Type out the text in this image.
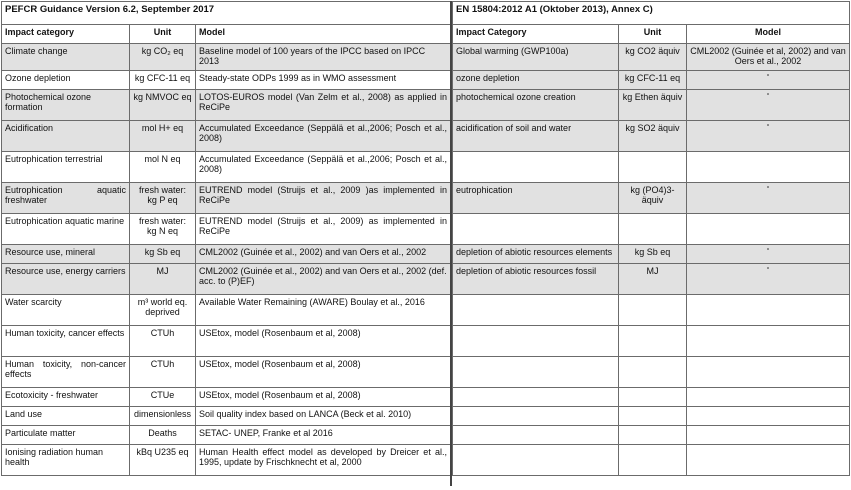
PEFCR Guidance Version 6.2, September 2017		
Impact category	Unit	Model
Climate change	kg CO₂ eq	Baseline model of 100 years of the IPCC based on IPCC 2013
Ozone depletion	kg CFC-11 eq	Steady-state ODPs 1999 as in WMO assessment
Photochemical ozone formation	kg NMVOC eq	LOTOS-EUROS model (Van Zelm et al., 2008) as applied in ReCiPe
Acidification	mol H+ eq	Accumulated Exceedance (Seppälä et al.,2006; Posch et al., 2008)
Eutrophication terrestrial	mol N eq	Accumulated Exceedance (Seppälä et al.,2006; Posch et al., 2008)
Eutrophication aquatic freshwater	fresh water: kg P eq	EUTREND model (Struijs et al., 2009 )as implemented in ReCiPe
Eutrophication aquatic marine	fresh water: kg N eq	EUTREND model (Struijs et al., 2009) as implemented in ReCiPe
Resource use, mineral	kg Sb eq	CML2002 (Guinée et al., 2002) and van Oers et al., 2002
Resource use, energy carriers	MJ	CML2002 (Guinée et al., 2002) and van Oers et al., 2002 (def. acc. to (P)EF)
Water scarcity	m³ world eq. deprived	Available Water Remaining (AWARE) Boulay et al., 2016
Human toxicity, cancer effects	CTUh	USEtox, model (Rosenbaum et al, 2008)
Human toxicity, non-cancer effects	CTUh	USEtox, model (Rosenbaum et al, 2008)
Ecotoxicity - freshwater	CTUe	USEtox, model (Rosenbaum et al, 2008)
Land use	dimensionless	Soil quality index based on LANCA (Beck et al. 2010)
Particulate matter	Deaths	SETAC- UNEP, Franke et al 2016
Ionising radiation human health	kBq U235 eq	Human Health effect model as developed by Dreicer et al., 1995, update by Frischknecht et al, 2000
EN 15804:2012 A1 (Oktober 2013), Annex C)		
Impact Category	Unit	Model
Global warming (GWP100a)	kg CO2 äquiv	CML2002 (Guinée et al, 2002) and van Oers et al., 2002
ozone depletion	kg CFC-11 eq	“
photochemical ozone creation	kg Ethen äquiv	“
acidification of soil and water	kg SO2 äquiv	“

eutrophication	kg (PO4)3-äquiv	“

depletion of abiotic resources elements	kg Sb eq	“
depletion of abiotic resources fossil	MJ	“
